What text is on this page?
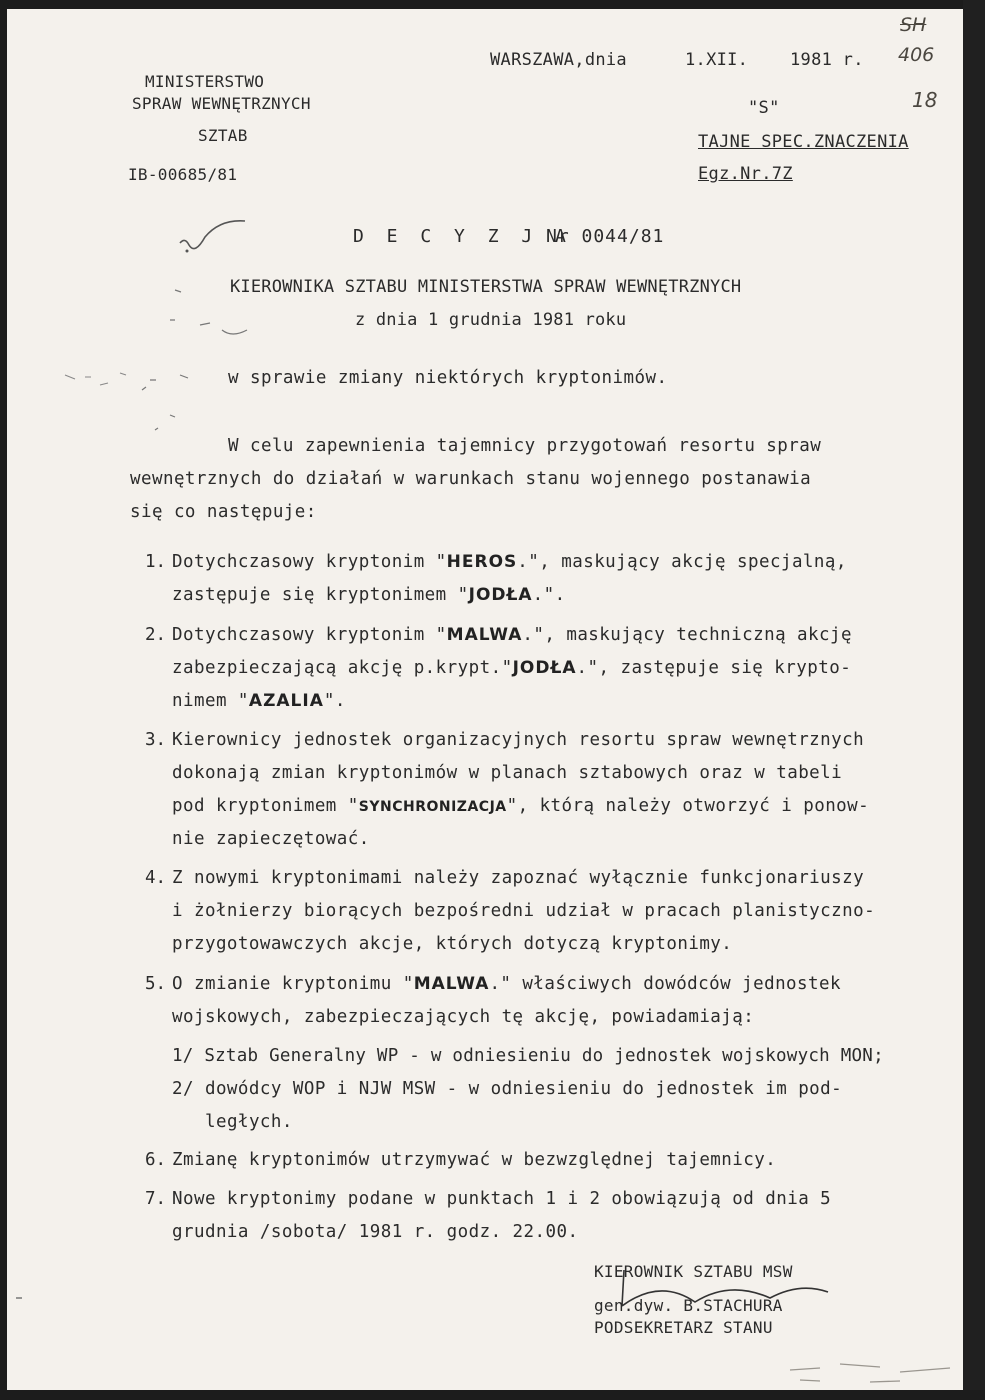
WARSZAWA,dnia	1.XII. 1981 r.
SH
406
18
MINISTERSTWO
SPRAW WEWNĘTRZNYCH
SZTAB
IB-00685/81
"S"
TAJNE SPEC.ZNACZENIA
Egz.Nr.7Z
D E C Y Z J A
Nr 0044/81
KIEROWNIKA SZTABU MINISTERSTWA SPRAW WEWNĘTRZNYCH
z dnia 1 grudnia 1981 roku
w sprawie zmiany niektórych kryptonimów.
W celu zapewnienia tajemnicy przygotowań resortu spraw
wewnętrznych do działań w warunkach stanu wojennego postanawia
się co następuje:
1. Dotychczasowy kryptonim "HEROS.", maskujący akcję specjalną,
zastępuje się kryptonimem "JODŁA.".
2. Dotychczasowy kryptonim "MALWA.", maskujący techniczną akcję
zabezpieczającą akcję p.krypt."JODŁA.", zastępuje się krypto-
nimem "AZALIA".
3. Kierownicy jednostek organizacyjnych resortu spraw wewnętrznych
dokonają zmian kryptonimów w planach sztabowych oraz w tabeli
pod kryptonimem "SYNCHRONIZACJA", którą należy otworzyć i ponow-
nie zapieczętować.
4. Z nowymi kryptonimami należy zapoznać wyłącznie funkcjonariuszy
i żołnierzy biorących bezpośredni udział w pracach planistyczno-
przygotowawczych akcje, których dotyczą kryptonimy.
5. O zmianie kryptonimu "MALWA." właściwych dowódców jednostek
wojskowych, zabezpieczających tę akcję, powiadamiają:
1/ Sztab Generalny WP - w odniesieniu do jednostek wojskowych MON;
2/ dowódcy WOP i NJW MSW - w odniesieniu do jednostek im pod-
ległych.
6. Zmianę kryptonimów utrzymywać w bezwzględnej tajemnicy.
7. Nowe kryptonimy podane w punktach 1 i 2 obowiązują od dnia 5
grudnia /sobota/ 1981 r. godz. 22.00.
KIEROWNIK SZTABU MSW
gen.dyw. B.STACHURA
PODSEKRETARZ STANU
